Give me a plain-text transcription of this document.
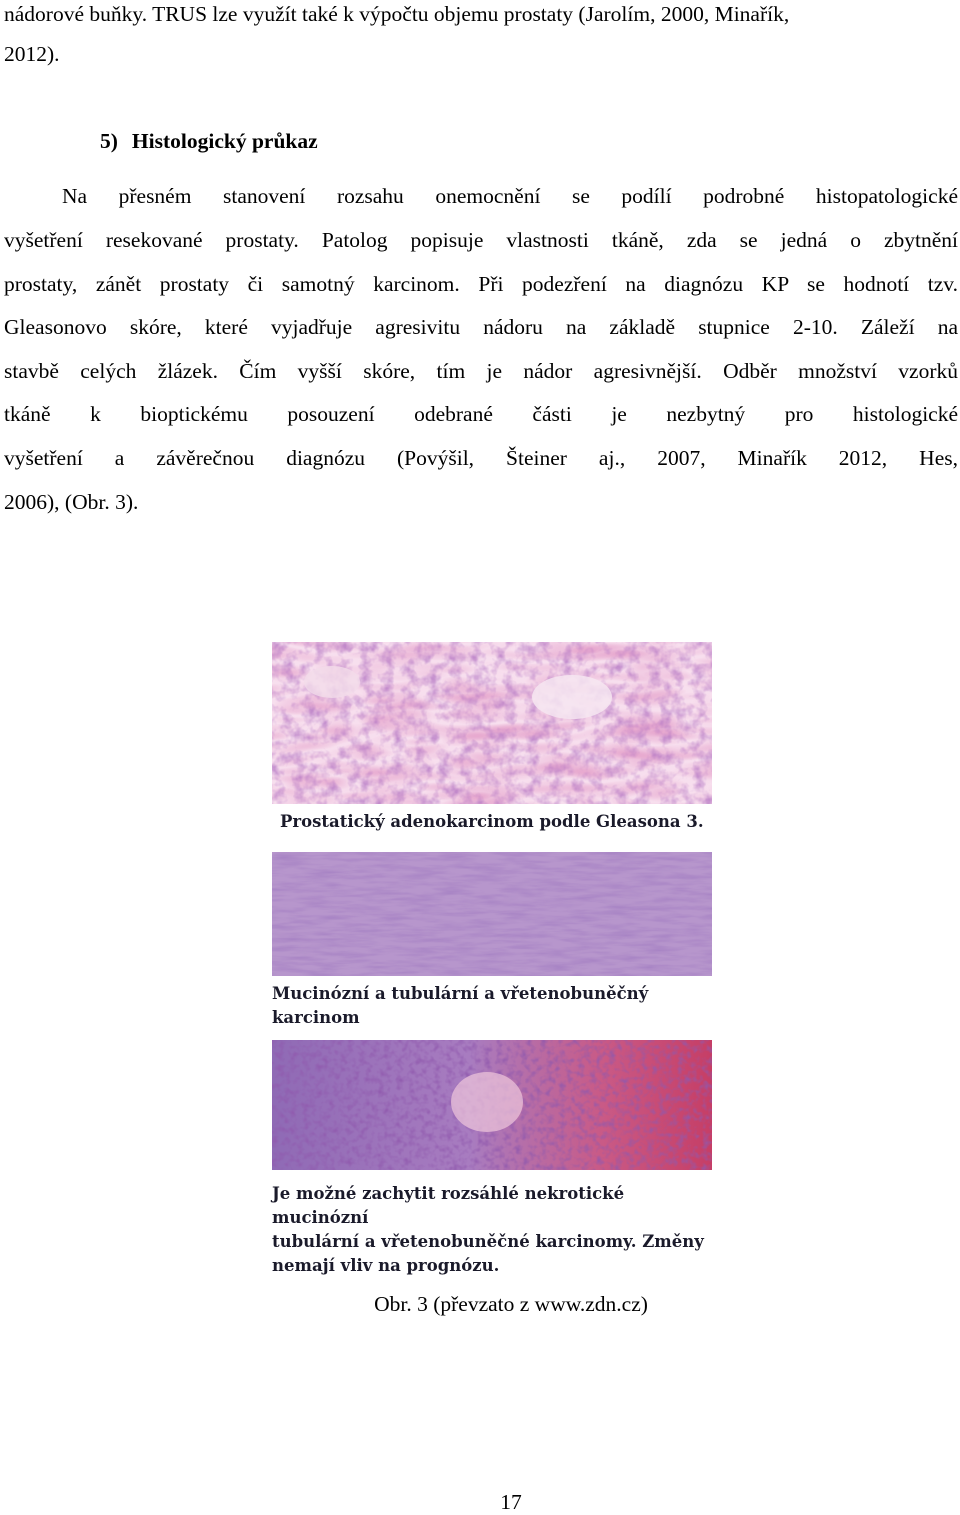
nádorové buňky. TRUS lze využít také k výpočtu objemu prostaty (Jarolím, 2000, Minařík,
2012).
5) Histologický průkaz
Na přesném stanovení rozsahu onemocnění se podílí podrobné histopatologické
vyšetření resekované prostaty. Patolog popisuje vlastnosti tkáně, zda se jedná o zbytnění
prostaty, zánět prostaty či samotný karcinom. Při podezření na diagnózu KP se hodnotí tzv.
Gleasonovo skóre, které vyjadřuje agresivitu nádoru na základě stupnice 2-10. Záleží na
stavbě celých žlázek. Čím vyšší skóre, tím je nádor agresivnější. Odběr množství vzorků
tkáně k bioptickému posouzení odebrané části je nezbytný pro histologické
vyšetření a závěrečnou diagnózu (Povýšil, Šteiner aj., 2007, Minařík 2012, Hes,
2006), (Obr. 3).
Prostatický adenokarcinom podle Gleasona 3.
Mucinózní a tubulární a vřetenobuněčný
karcinom
Je možné zachytit rozsáhlé nekrotické mucinózní
tubulární a vřetenobuněčné karcinomy. Změny
nemají vliv na prognózu.
Obr. 3 (převzato z www.zdn.cz)
17
